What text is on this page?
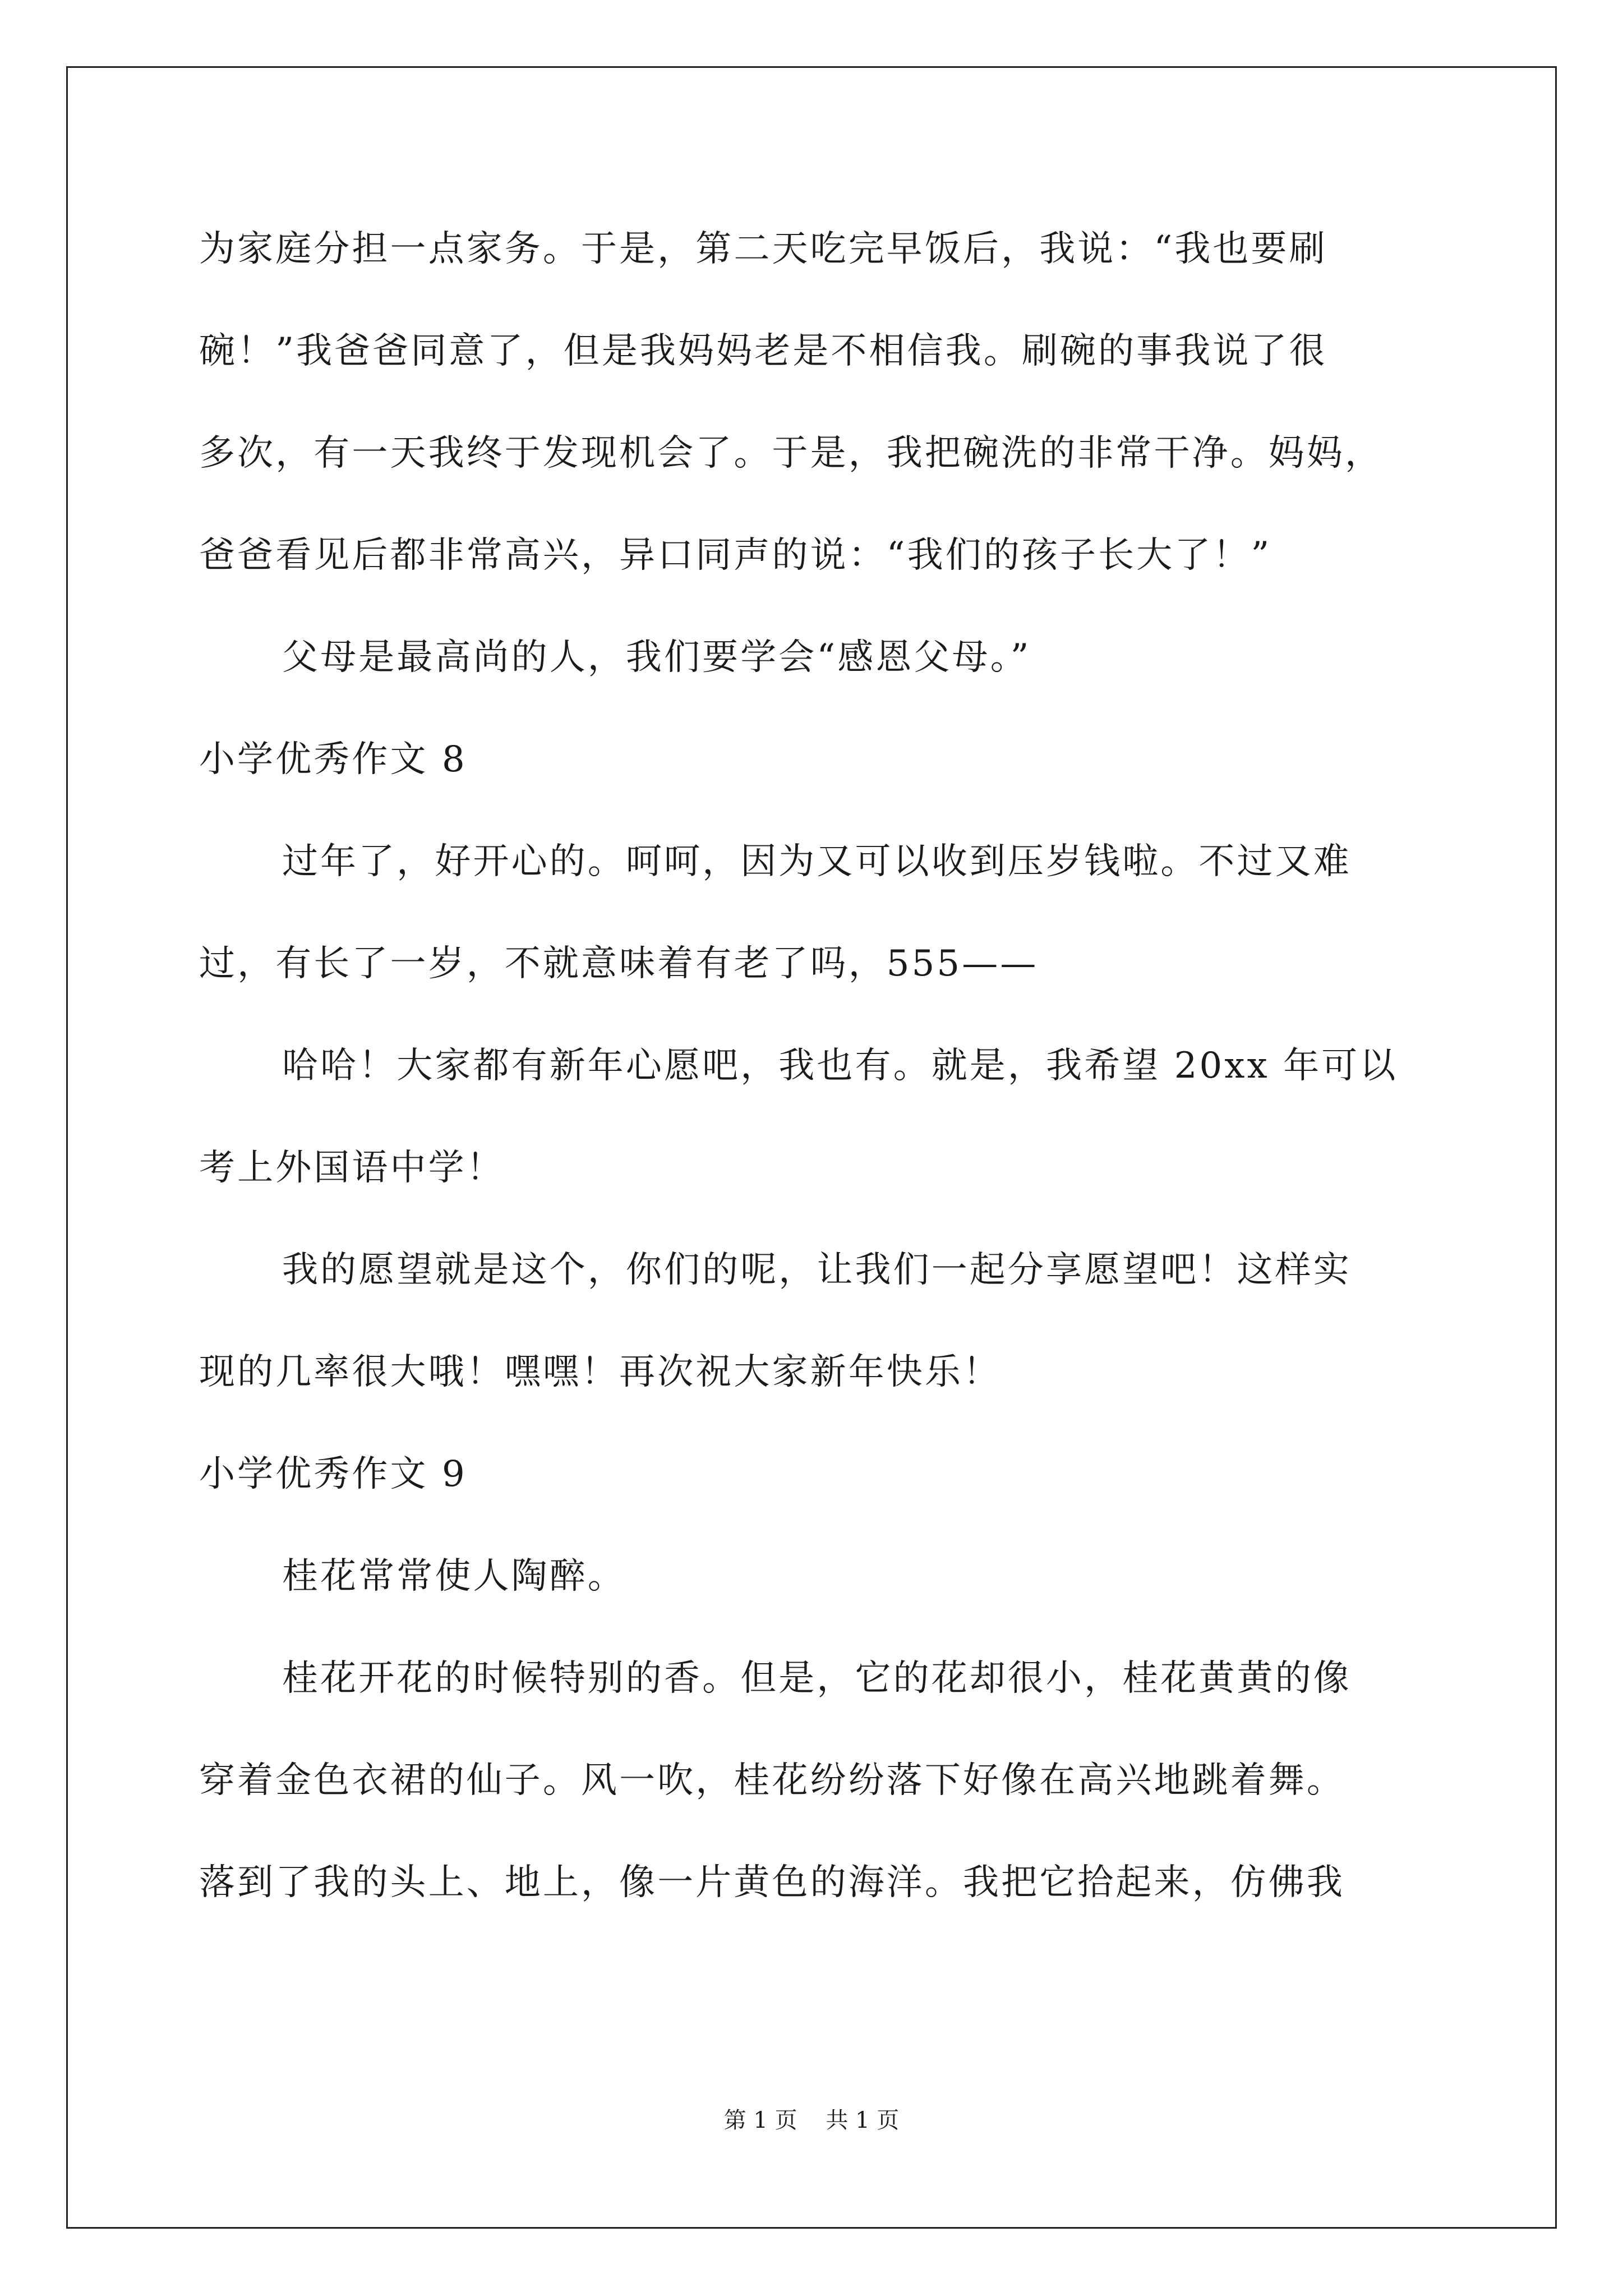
为家庭分担一点家务。于是，第二天吃完早饭后，我说：“我也要刷
碗！”我爸爸同意了，但是我妈妈老是不相信我。刷碗的事我说了很
多次，有一天我终于发现机会了。于是，我把碗洗的非常干净。妈妈，
爸爸看见后都非常高兴，异口同声的说：“我们的孩子长大了！”
父母是最高尚的人，我们要学会“感恩父母。”
小学优秀作文 8
过年了，好开心的。呵呵，因为又可以收到压岁钱啦。不过又难
过，有长了一岁，不就意味着有老了吗，555——
哈哈！大家都有新年心愿吧，我也有。就是，我希望 20xx 年可以
考上外国语中学！
我的愿望就是这个，你们的呢，让我们一起分享愿望吧！这样实
现的几率很大哦！嘿嘿！再次祝大家新年快乐！
小学优秀作文 9
桂花常常使人陶醉。
桂花开花的时候特别的香。但是，它的花却很小，桂花黄黄的像
穿着金色衣裙的仙子。风一吹，桂花纷纷落下好像在高兴地跳着舞。
落到了我的头上、地上，像一片黄色的海洋。我把它拾起来，仿佛我
第 1 页    共 1 页
